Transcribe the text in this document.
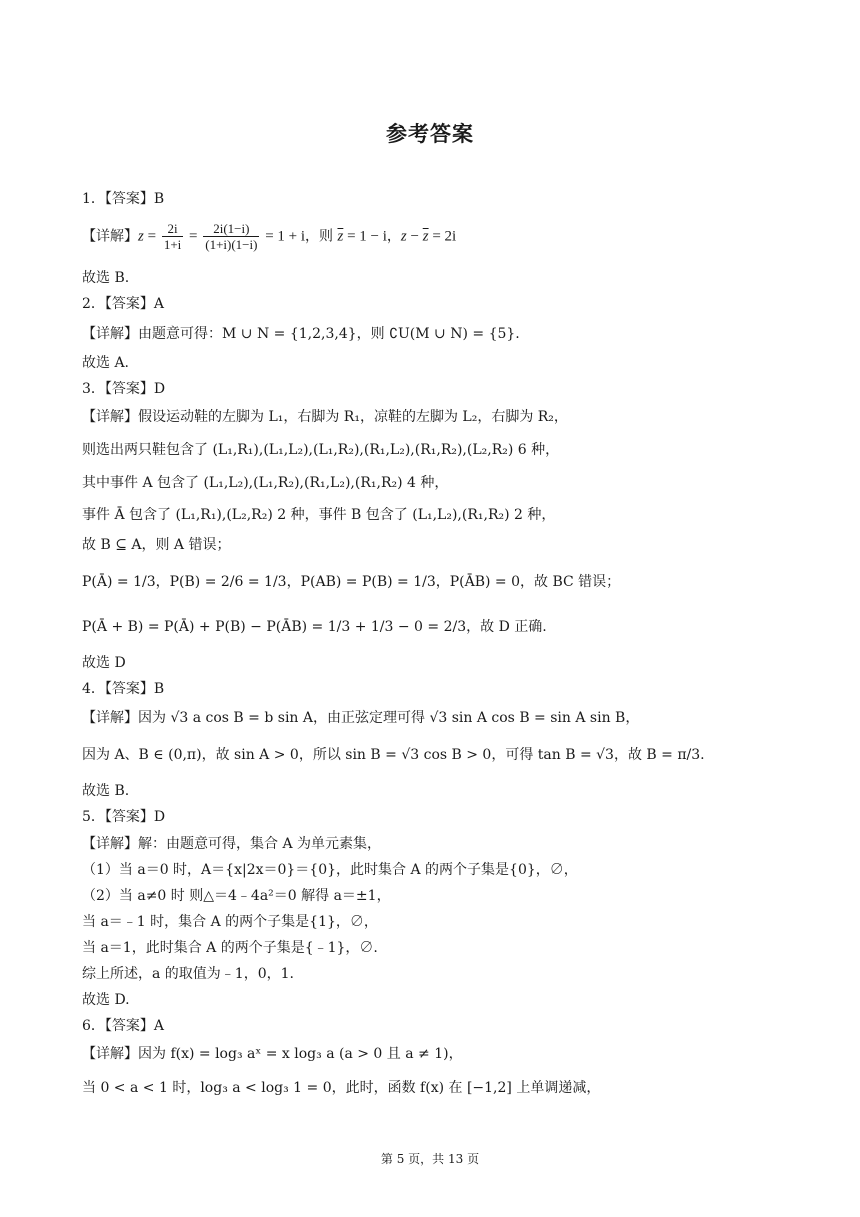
参考答案
1．【答案】B
【详解】$z = \frac{2i}{1+i} = \frac{2i(1-i)}{(1+i)(1-i)} = 1 + i$，则 $\overline{z} = 1 - i$，$z - \overline{z} = 2i$
故选 B.
2．【答案】A
【详解】由题意可得：M ∪ N = {1,2,3,4}，则 ∁U(M ∪ N) = {5}.
故选 A.
3．【答案】D
【详解】假设运动鞋的左脚为 L₁，右脚为 R₁，凉鞋的左脚为 L₂，右脚为 R₂，
则选出两只鞋包含了 (L₁,R₁),(L₁,L₂),(L₁,R₂),(R₁,L₂),(R₁,R₂),(L₂,R₂) 6 种，
其中事件 A 包含了 (L₁,L₂),(L₁,R₂),(R₁,L₂),(R₁,R₂) 4 种，
事件 Ā 包含了 (L₁,R₁),(L₂,R₂) 2 种，事件 B 包含了 (L₁,L₂),(R₁,R₂) 2 种，
故 B ⊆ A，则 A 错误；
P(Ā) = 1/3，P(B) = 2/6 = 1/3，P(AB) = P(B) = 1/3，P(ĀB) = 0，故 BC 错误；
P(Ā + B) = P(Ā) + P(B) − P(ĀB) = 1/3 + 1/3 − 0 = 2/3，故 D 正确.
故选 D
4．【答案】B
【详解】因为 √3 a cos B = b sin A，由正弦定理可得 √3 sin A cos B = sin A sin B，
因为 A、B ∈ (0,π)，故 sin A > 0，所以 sin B = √3 cos B > 0，可得 tan B = √3，故 B = π/3.
故选 B.
5．【答案】D
【详解】解：由题意可得，集合 A 为单元素集，
（1）当 a＝0 时，A＝{x|2x＝0}＝{0}，此时集合 A 的两个子集是{0}，∅，
（2）当 a≠0 时 则△＝4﹣4a²＝0 解得 a＝±1，
当 a＝﹣1 时，集合 A 的两个子集是{1}，∅，
当 a＝1，此时集合 A 的两个子集是{﹣1}，∅.
综上所述，a 的取值为﹣1，0，1.
故选 D.
6．【答案】A
【详解】因为 f(x) = log₃ aˣ = x log₃ a (a > 0 且 a ≠ 1)，
当 0 < a < 1 时，log₃ a < log₃ 1 = 0，此时，函数 f(x) 在 [−1,2] 上单调递减，
第 5 页，共 13 页
